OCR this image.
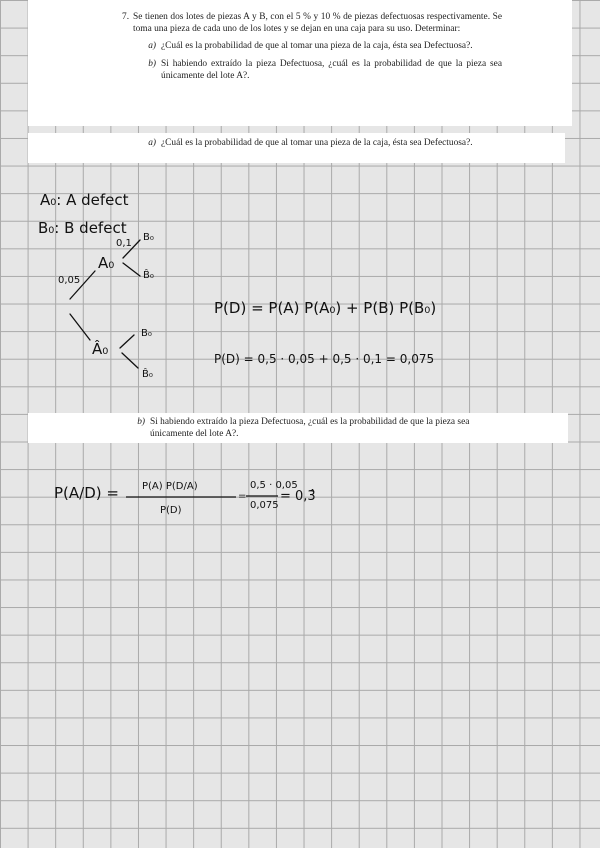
7. Se tienen dos lotes de piezas A y B, con el 5 % y 10 % de piezas defectuosas respectivamente. Se toma una pieza de cada uno de los lotes y se dejan en una caja para su uso. Determinar:

a) ¿Cuál es la probabilidad de que al tomar una pieza de la caja, ésta sea Defectuosa?.
b) Si habiendo extraído la pieza Defectuosa, ¿cuál es la probabilidad de que la pieza sea únicamente del lote A?.
a) ¿Cuál es la probabilidad de que al tomar una pieza de la caja, ésta sea Defectuosa?.
b) Si habiendo extraído la pieza Defectuosa, ¿cuál es la probabilidad de que la pieza sea únicamente del lote A?.
A₀: A defect
B₀: B defect
0,05
A₀
0,1
B₀
B̂₀
Â₀
B₀
B̂₀
P(D) = P(A) P(A₀) + P(B) P(B₀)
P(D) = 0,5 · 0,05 + 0,5 · 0,1 = 0,075
P(A/D) = P(A) P(D/A)
P(D)
=
0,5 · 0,05
0,075
= 0,3̂
